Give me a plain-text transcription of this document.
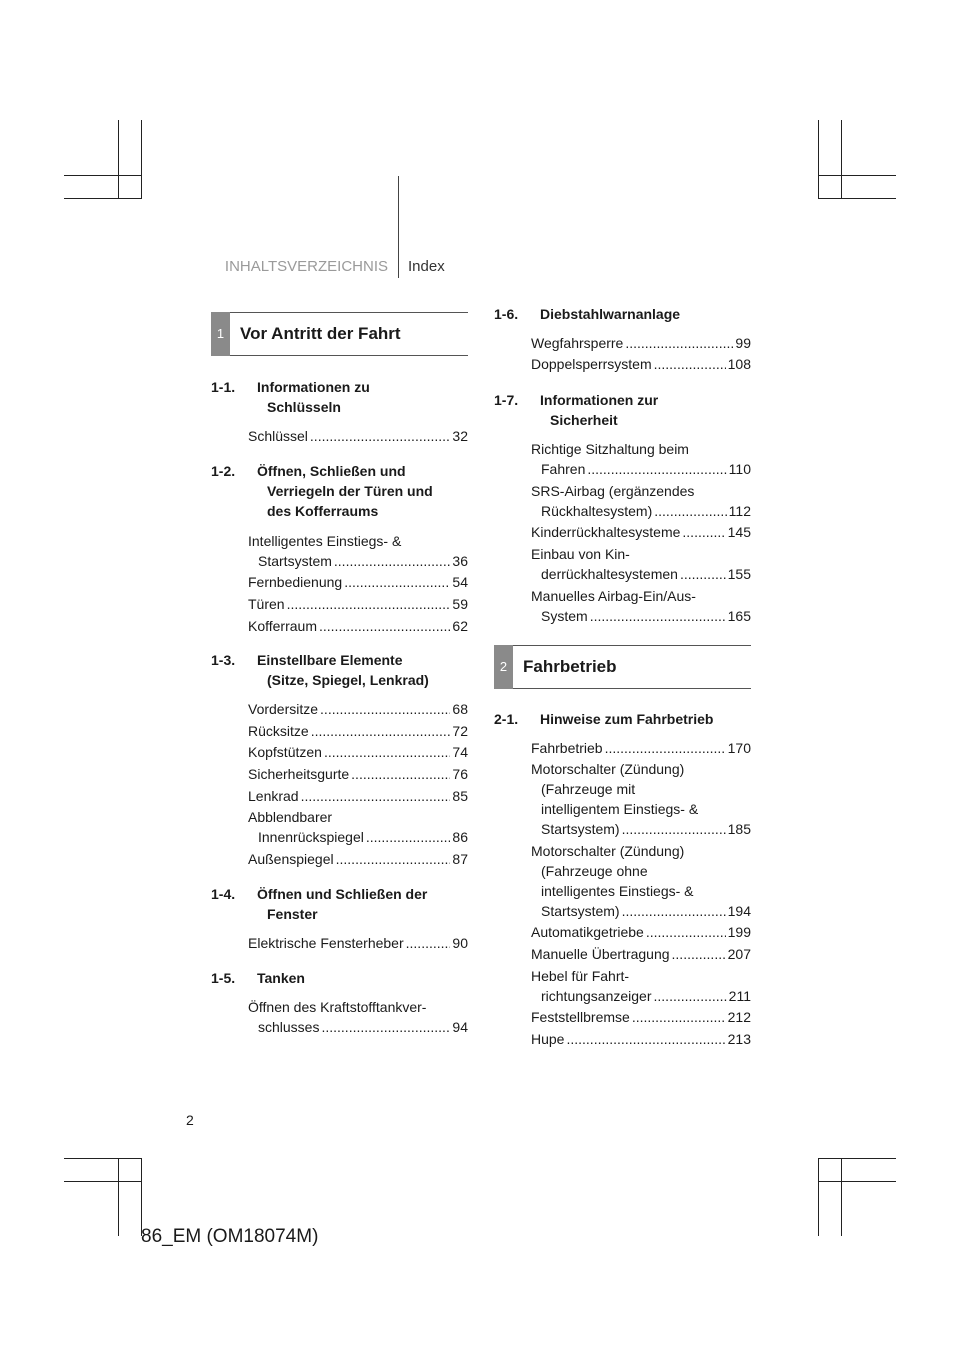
INHALTSVERZEICHNIS Index
1 Vor Antritt der Fahrt
1-1. Informationen zu
Schlüsseln
Schlüssel .....	32
1-2. Öffnen, Schließen und
Verriegeln der Türen und
des Kofferraums
Intelligentes Einstiegs- &
Startsystem .....	36
Fernbedienung .....	54
Türen .....	59
Kofferraum .....	62
1-3. Einstellbare Elemente
(Sitze, Spiegel, Lenkrad)
Vordersitze .....	68
Rücksitze .....	72
Kopfstützen .....	74
Sicherheitsgurte .....	76
Lenkrad .....	85
Abblendbarer
Innenrückspiegel .....	86
Außenspiegel .....	87
1-4. Öffnen und Schließen der
Fenster
Elektrische Fensterheber .....	90
1-5. Tanken
Öffnen des Kraftstofftankver-
schlusses .....	94
1-6. Diebstahlwarnanlage
Wegfahrsperre .....	99
Doppelsperrsystem .....	108
1-7. Informationen zur
Sicherheit
Richtige Sitzhaltung beim
Fahren .....	110
SRS-Airbag (ergänzendes
Rückhaltesystem) .....	112
Kinderrückhaltesysteme .....	145
Einbau von Kin-
derrückhaltesystemen .....	155
Manuelles Airbag-Ein/Aus-
System .....	165
2 Fahrbetrieb
2-1. Hinweise zum Fahrbetrieb
Fahrbetrieb .....	170
Motorschalter (Zündung)
(Fahrzeuge mit
intelligentem Einstiegs- &
Startsystem) .....	185
Motorschalter (Zündung)
(Fahrzeuge ohne
intelligentes Einstiegs- &
Startsystem) .....	194
Automatikgetriebe .....	199
Manuelle Übertragung .....	207
Hebel für Fahrt-
richtungsanzeiger .....	211
Feststellbremse .....	212
Hupe .....	213
2
86_EM (OM18074M)
